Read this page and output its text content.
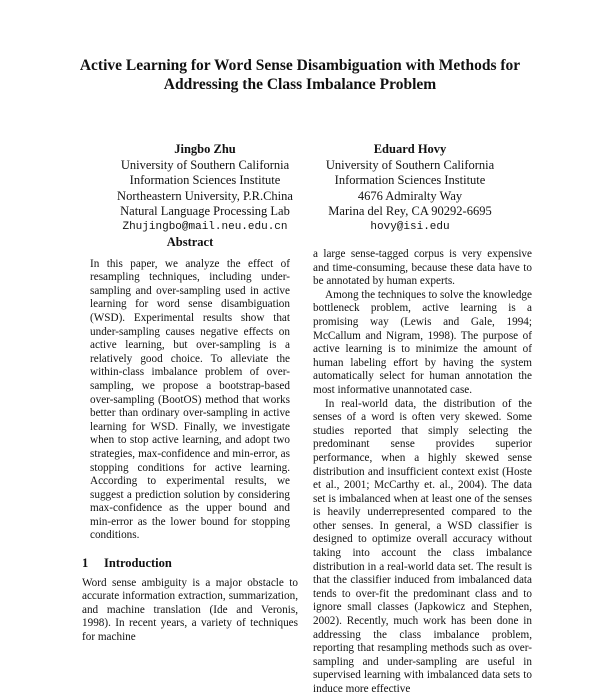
Active Learning for Word Sense Disambiguation with Methods for
Addressing the Class Imbalance Problem
Jingbo Zhu
University of Southern California
Information Sciences Institute
Northeastern University, P.R.China
Natural Language Processing Lab
Zhujingbo@mail.neu.edu.cn
Eduard Hovy
University of Southern California
Information Sciences Institute
4676 Admiralty Way
Marina del Rey, CA 90292-6695
hovy@isi.edu
Abstract

In this paper, we analyze the effect of resampling techniques, including under-sampling and over-sampling used in active learning for word sense disambiguation (WSD). Experimental results show that under-sampling causes negative effects on active learning, but over-sampling is a relatively good choice. To alleviate the within-class imbalance problem of over-sampling, we propose a bootstrap-based over-sampling (BootOS) method that works better than ordinary over-sampling in active learning for WSD. Finally, we investigate when to stop active learning, and adopt two strategies, max-confidence and min-error, as stopping conditions for active learning. According to experimental results, we suggest a prediction solution by considering max-confidence as the upper bound and min-error as the lower bound for stopping conditions.

1 Introduction

Word sense ambiguity is a major obstacle to accurate information extraction, summarization, and machine translation (Ide and Veronis, 1998). In recent years, a variety of techniques for machine

a large sense-tagged corpus is very expensive and time-consuming, because these data have to be annotated by human experts.

Among the techniques to solve the knowledge bottleneck problem, active learning is a promising way (Lewis and Gale, 1994; McCallum and Nigram, 1998). The purpose of active learning is to minimize the amount of human labeling effort by having the system automatically select for human annotation the most informative unannotated case.

In real-world data, the distribution of the senses of a word is often very skewed. Some studies reported that simply selecting the predominant sense provides superior performance, when a highly skewed sense distribution and insufficient context exist (Hoste et al., 2001; McCarthy et. al., 2004). The data set is imbalanced when at least one of the senses is heavily underrepresented compared to the other senses. In general, a WSD classifier is designed to optimize overall accuracy without taking into account the class imbalance distribution in a real-world data set. The result is that the classifier induced from imbalanced data tends to over-fit the predominant class and to ignore small classes (Japkowicz and Stephen, 2002). Recently, much work has been done in addressing the class imbalance problem, reporting that resampling methods such as over-sampling and under-sampling are useful in supervised learning with imbalanced data sets to induce more effective
